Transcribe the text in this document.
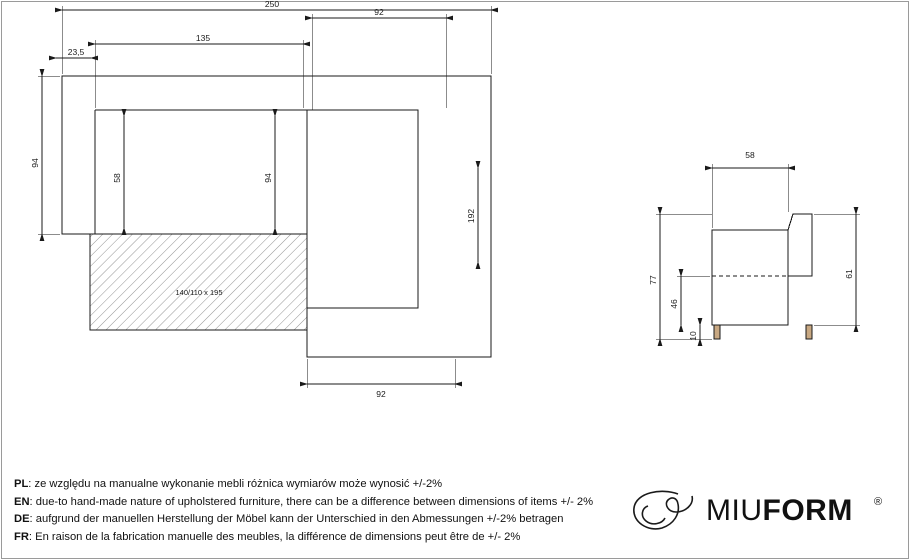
250
92
135
23,5
94
58	94
192
92
140/110 x 195
58
77
46
10
61
PL: ze względu na manualne wykonanie mebli różnica wymiarów może wynosić +/-2%
EN: due-to hand-made nature of upholstered furniture, there can be a difference between dimensions of items +/- 2%
DE: aufgrund der manuellen Herstellung der Möbel kann der Unterschied in den Abmessungen +/-2% betragen
FR: En raison de la fabrication manuelle des meubles, la différence de dimensions peut être de +/- 2%
MIUFORM ®
